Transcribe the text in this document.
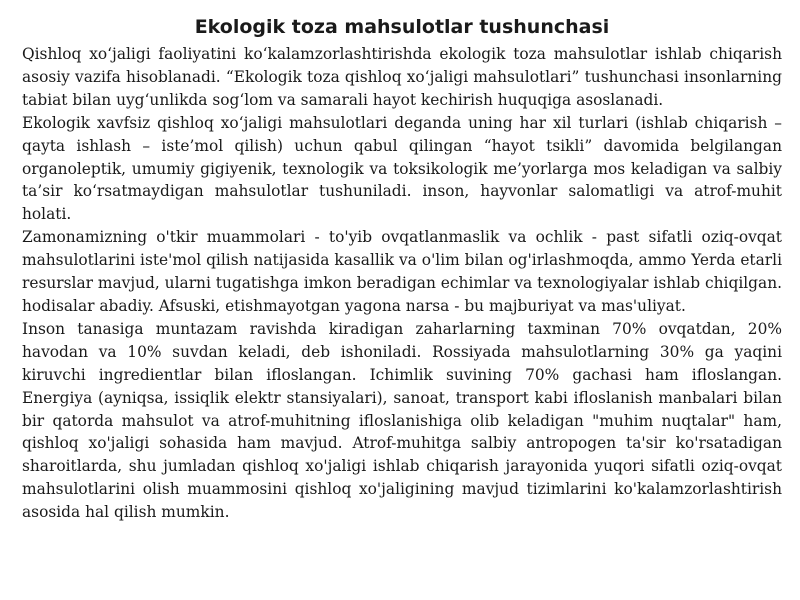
Ekologik toza mahsulotlar tushunchasi

Qishloq xo‘jaligi faoliyatini ko‘kalamzorlashtirishda ekologik toza mahsulotlar ishlab chiqarish asosiy vazifa hisoblanadi. “Ekologik toza qishloq xo‘jaligi mahsulotlari” tushunchasi insonlarning tabiat bilan uyg‘unlikda sog‘lom va samarali hayot kechirish huquqiga asoslanadi.

Ekologik xavfsiz qishloq xo‘jaligi mahsulotlari deganda uning har xil turlari (ishlab chiqarish – qayta ishlash – iste’mol qilish) uchun qabul qilingan “hayot tsikli” davomida belgilangan organoleptik, umumiy gigiyenik, texnologik va toksikologik me’yorlarga mos keladigan va salbiy ta’sir ko‘rsatmaydigan mahsulotlar tushuniladi. inson, hayvonlar salomatligi va atrof-muhit holati.

Zamonamizning o'tkir muammolari - to'yib ovqatlanmaslik va ochlik - past sifatli oziq-ovqat mahsulotlarini iste'mol qilish natijasida kasallik va o'lim bilan og'irlashmoqda, ammo Yerda etarli resurslar mavjud, ularni tugatishga imkon beradigan echimlar va texnologiyalar ishlab chiqilgan. hodisalar abadiy. Afsuski, etishmayotgan yagona narsa - bu majburiyat va mas'uliyat.

Inson tanasiga muntazam ravishda kiradigan zaharlarning taxminan 70% ovqatdan, 20% havodan va 10% suvdan keladi, deb ishoniladi. Rossiyada mahsulotlarning 30% ga yaqini kiruvchi ingredientlar bilan ifloslangan. Ichimlik suvining 70% gachasi ham ifloslangan. Energiya (ayniqsa, issiqlik elektr stansiyalari), sanoat, transport kabi ifloslanish manbalari bilan bir qatorda mahsulot va atrof-muhitning ifloslanishiga olib keladigan "muhim nuqtalar" ham, qishloq xo'jaligi sohasida ham mavjud. Atrof-muhitga salbiy antropogen ta'sir ko'rsatadigan sharoitlarda, shu jumladan qishloq xo'jaligi ishlab chiqarish jarayonida yuqori sifatli oziq-ovqat mahsulotlarini olish muammosini qishloq xo'jaligining mavjud tizimlarini ko'kalamzorlashtirish asosida hal qilish mumkin.
